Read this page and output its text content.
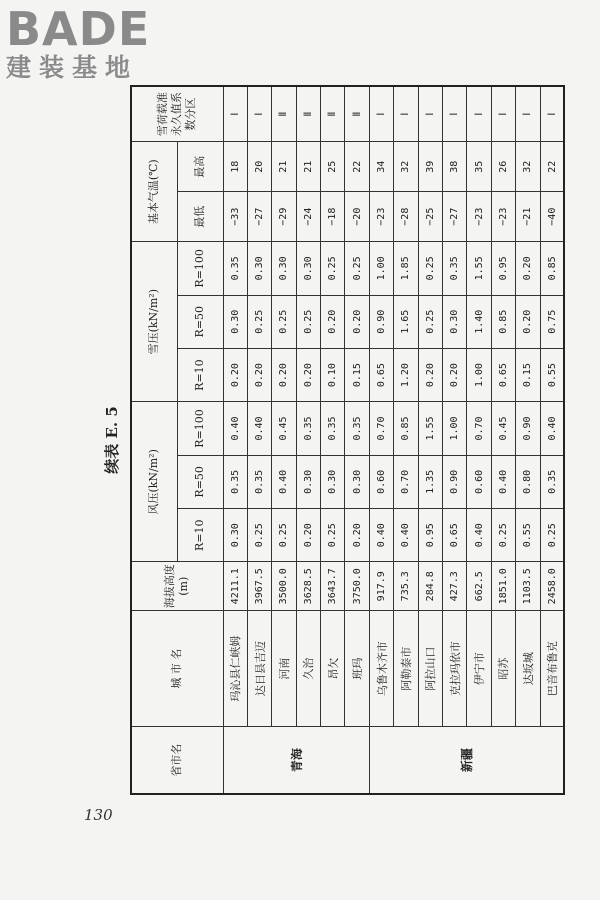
BADE
建装基地
续表 E. 5
省市名	城 市 名	海拔高度(m)	风压(kN/m²)			雪压(kN/m²)			基本气温(℃)		雪荷载准永久值系数分区
			R=10	R=50	R=100	R=10	R=50	R=100	最低	最高	
青海	玛沁县仁峡姆	4211.1	0.30	0.35	0.40	0.20	0.30	0.35	−33	18	Ⅰ
	达日县吉迈	3967.5	0.25	0.35	0.40	0.20	0.25	0.30	−27	20	Ⅰ
	河南	3500.0	0.25	0.40	0.45	0.20	0.25	0.30	−29	21	Ⅱ
	久治	3628.5	0.20	0.30	0.35	0.20	0.25	0.30	−24	21	Ⅱ
	昂欠	3643.7	0.25	0.30	0.35	0.10	0.20	0.25	−18	25	Ⅱ
	班玛	3750.0	0.20	0.30	0.35	0.15	0.20	0.25	−20	22	Ⅱ
新疆	乌鲁木齐市	917.9	0.40	0.60	0.70	0.65	0.90	1.00	−23	34	Ⅰ
	阿勒泰市	735.3	0.40	0.70	0.85	1.20	1.65	1.85	−28	32	Ⅰ
	阿拉山口	284.8	0.95	1.35	1.55	0.20	0.25	0.25	−25	39	Ⅰ
	克拉玛依市	427.3	0.65	0.90	1.00	0.20	0.30	0.35	−27	38	Ⅰ
	伊宁市	662.5	0.40	0.60	0.70	1.00	1.40	1.55	−23	35	Ⅰ
	昭苏	1851.0	0.25	0.40	0.45	0.65	0.85	0.95	−23	26	Ⅰ
	达坂城	1103.5	0.55	0.80	0.90	0.15	0.20	0.20	−21	32	Ⅰ
	巴音布鲁克	2458.0	0.25	0.35	0.40	0.55	0.75	0.85	−40	22	Ⅰ
130
